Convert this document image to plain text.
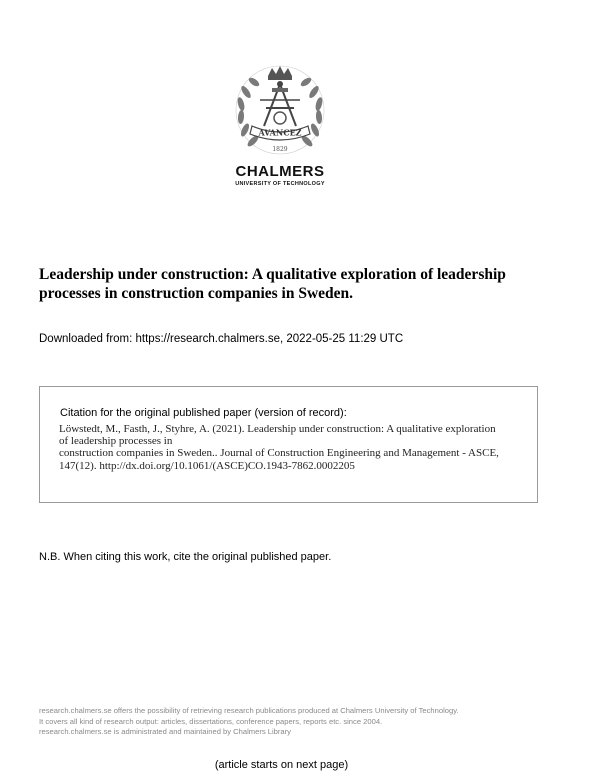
AVANCEZ
1829
CHALMERS
UNIVERSITY OF TECHNOLOGY
Leadership under construction: A qualitative exploration of leadership
processes in construction companies in Sweden.
Downloaded from: https://research.chalmers.se, 2022-05-25 11:29 UTC
Citation for the original published paper (version of record):
Löwstedt, M., Fasth, J., Styhre, A. (2021). Leadership under construction: A qualitative exploration
of leadership processes in
construction companies in Sweden.. Journal of Construction Engineering and Management - ASCE,
147(12). http://dx.doi.org/10.1061/(ASCE)CO.1943-7862.0002205
N.B. When citing this work, cite the original published paper.
research.chalmers.se offers the possibility of retrieving research publications produced at Chalmers University of Technology.
It covers all kind of research output: articles, dissertations, conference papers, reports etc. since 2004.
research.chalmers.se is administrated and maintained by Chalmers Library
(article starts on next page)
